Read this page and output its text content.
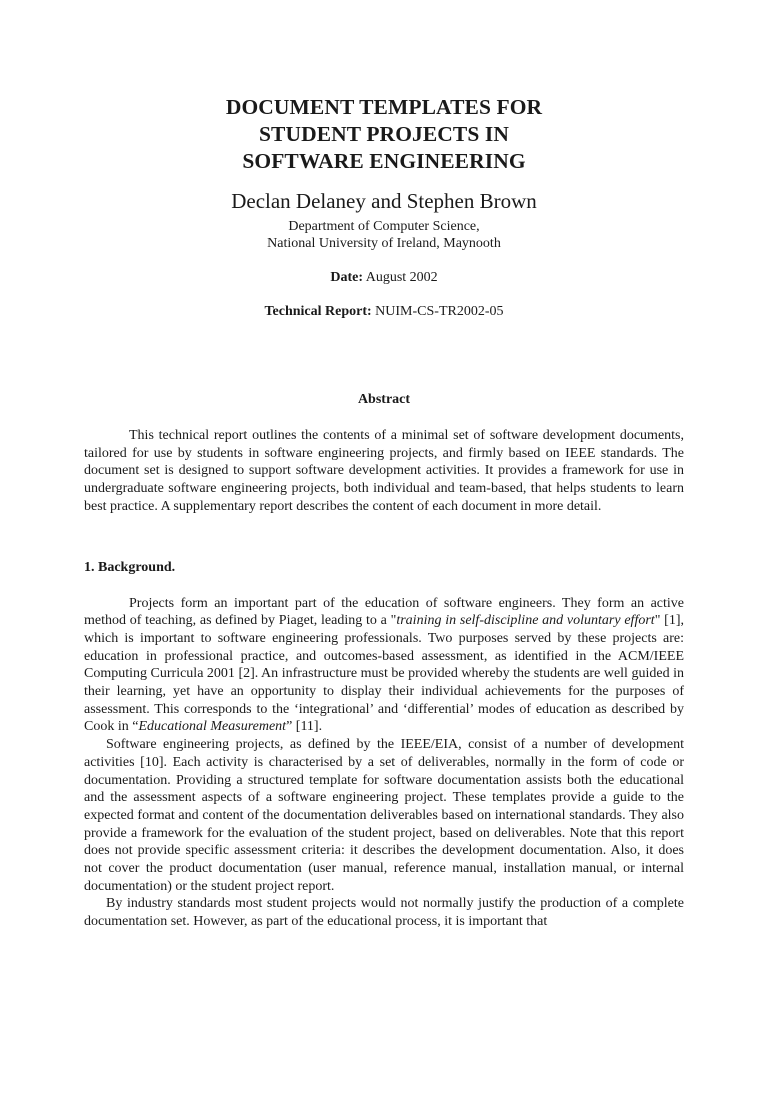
DOCUMENT TEMPLATES FOR
STUDENT PROJECTS IN
SOFTWARE ENGINEERING
Declan Delaney and Stephen Brown
Department of Computer Science,
National University of Ireland, Maynooth
Date: August 2002
Technical Report: NUIM-CS-TR2002-05
Abstract

This technical report outlines the contents of a minimal set of software development documents, tailored for use by students in software engineering projects, and firmly based on IEEE standards. The document set is designed to support software development activities. It provides a framework for use in undergraduate software engineering projects, both individual and team-based, that helps students to learn best practice. A supplementary report describes the content of each document in more detail.

1. Background.

Projects form an important part of the education of software engineers. They form an active method of teaching, as defined by Piaget, leading to a "training in self-discipline and voluntary effort" [1], which is important to software engineering professionals. Two purposes served by these projects are: education in professional practice, and outcomes-based assessment, as identified in the ACM/IEEE Computing Curricula 2001 [2]. An infrastructure must be provided whereby the students are well guided in their learning, yet have an opportunity to display their individual achievements for the purposes of assessment. This corresponds to the ‘integrational’ and ‘differential’ modes of education as described by Cook in “Educational Measurement” [11].

Software engineering projects, as defined by the IEEE/EIA, consist of a number of development activities [10]. Each activity is characterised by a set of deliverables, normally in the form of code or documentation. Providing a structured template for software documentation assists both the educational and the assessment aspects of a software engineering project. These templates provide a guide to the expected format and content of the documentation deliverables based on international standards. They also provide a framework for the evaluation of the student project, based on deliverables. Note that this report does not provide specific assessment criteria: it describes the development documentation. Also, it does not cover the product documentation (user manual, reference manual, installation manual, or internal documentation) or the student project report.

By industry standards most student projects would not normally justify the production of a complete documentation set. However, as part of the educational process, it is important that
